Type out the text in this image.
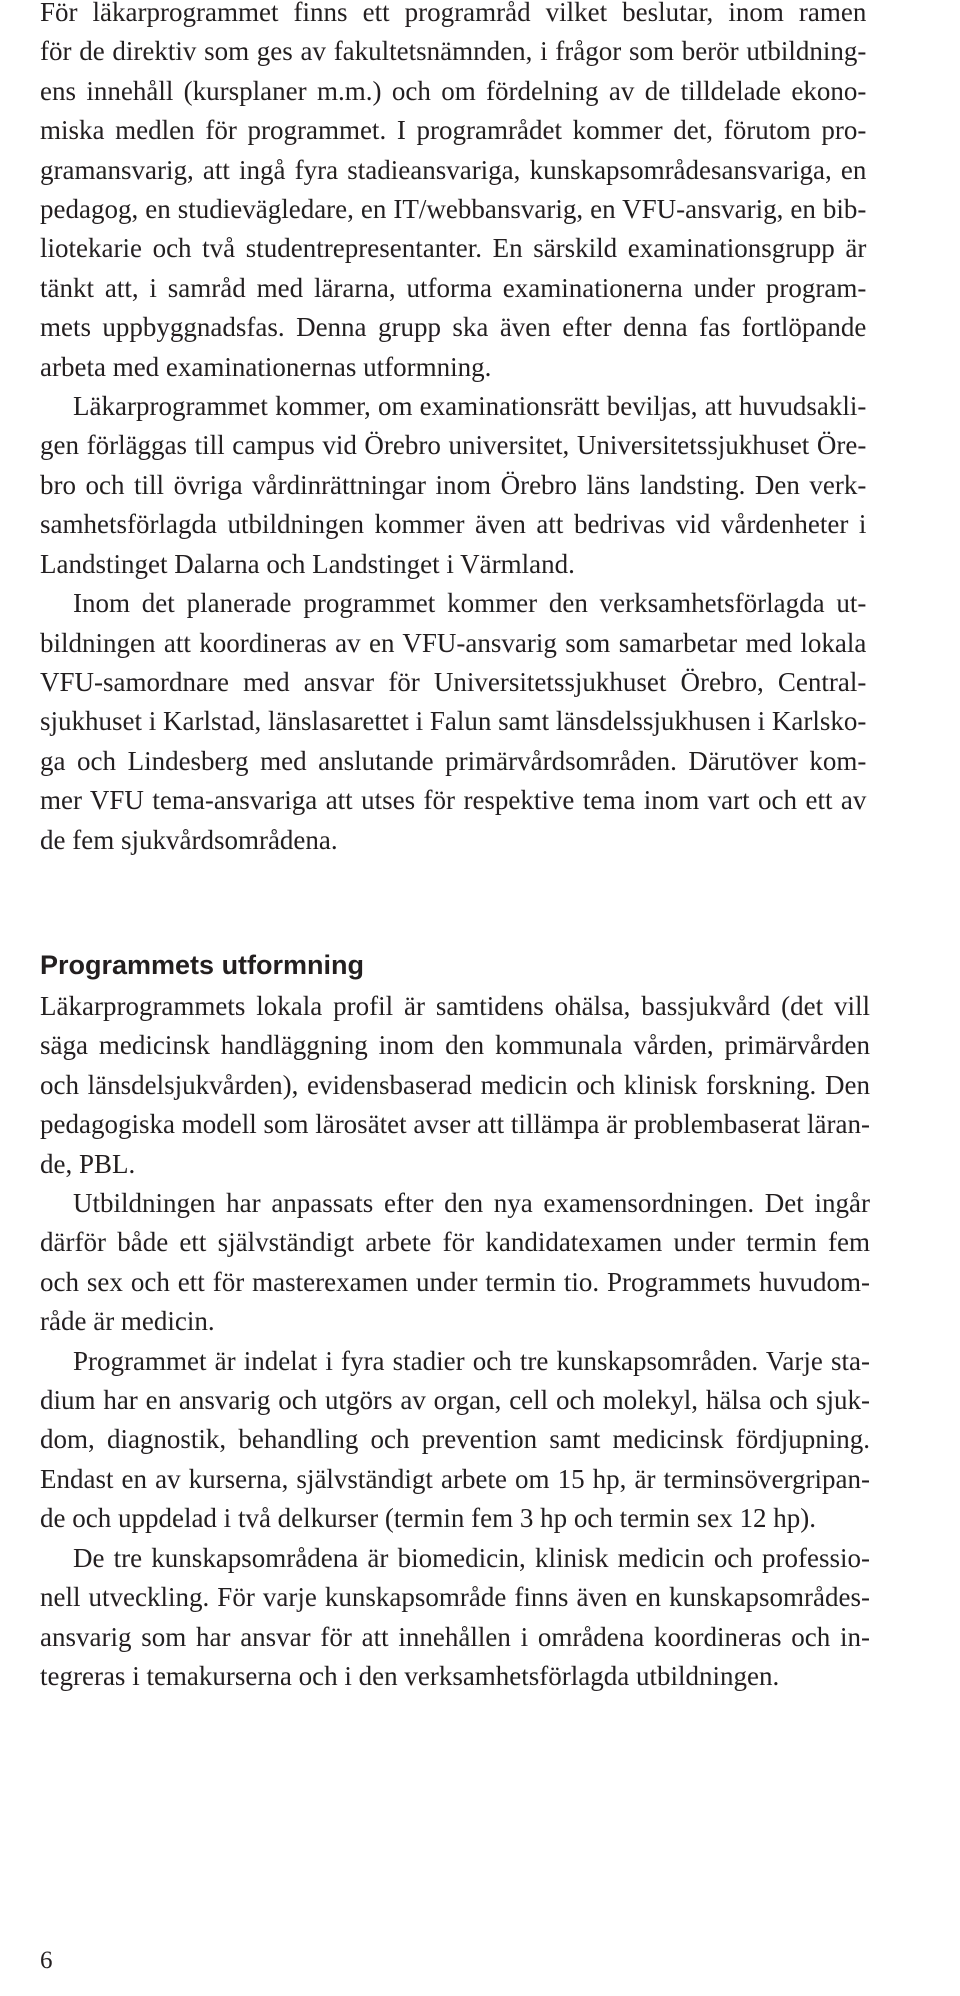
För läkarprogrammet finns ett programråd vilket beslutar, inom ramen
för de direktiv som ges av fakultetsnämnden, i frågor som berör utbildning-
ens innehåll (kursplaner m.m.) och om fördelning av de tilldelade ekono-
miska medlen för programmet. I programrådet kommer det, förutom pro-
gramansvarig, att ingå fyra stadieansvariga, kunskapsområdesansvariga, en
pedagog, en studievägledare, en IT/webbansvarig, en VFU-ansvarig, en bib-
liotekarie och två studentrepresentanter. En särskild examinationsgrupp är
tänkt att, i samråd med lärarna, utforma examinationerna under program-
mets uppbyggnadsfas. Denna grupp ska även efter denna fas fortlöpande
arbeta med examinationernas utformning.
Läkarprogrammet kommer, om examinationsrätt beviljas, att huvudsakli-
gen förläggas till campus vid Örebro universitet, Universitetssjukhuset Öre-
bro och till övriga vårdinrättningar inom Örebro läns landsting. Den verk-
samhetsförlagda utbildningen kommer även att bedrivas vid vårdenheter i
Landstinget Dalarna och Landstinget i Värmland.
Inom det planerade programmet kommer den verksamhetsförlagda ut-
bildningen att koordineras av en VFU-ansvarig som samarbetar med lokala
VFU-samordnare med ansvar för Universitetssjukhuset Örebro, Central-
sjukhuset i Karlstad, länslasarettet i Falun samt länsdelssjukhusen i Karlsko-
ga och Lindesberg med anslutande primärvårdsområden. Därutöver kom-
mer VFU tema-ansvariga att utses för respektive tema inom vart och ett av
de fem sjukvårdsområdena.
Programmets utformning
Läkarprogrammets lokala profil är samtidens ohälsa, bassjukvård (det vill
säga medicinsk handläggning inom den kommunala vården, primärvården
och länsdelsjukvården), evidensbaserad medicin och klinisk forskning. Den
pedagogiska modell som lärosätet avser att tillämpa är problembaserat läran-
de, PBL.
Utbildningen har anpassats efter den nya examensordningen. Det ingår
därför både ett självständigt arbete för kandidatexamen under termin fem
och sex och ett för masterexamen under termin tio. Programmets huvudom-
råde är medicin.
Programmet är indelat i fyra stadier och tre kunskapsområden. Varje sta-
dium har en ansvarig och utgörs av organ, cell och molekyl, hälsa och sjuk-
dom, diagnostik, behandling och prevention samt medicinsk fördjupning.
Endast en av kurserna, självständigt arbete om 15 hp, är terminsövergripan-
de och uppdelad i två delkurser (termin fem 3 hp och termin sex 12 hp).
De tre kunskapsområdena är biomedicin, klinisk medicin och professio-
nell utveckling. För varje kunskapsområde finns även en kunskapsområdes-
ansvarig som har ansvar för att innehållen i områdena koordineras och in-
tegreras i temakurserna och i den verksamhetsförlagda utbildningen.
6
